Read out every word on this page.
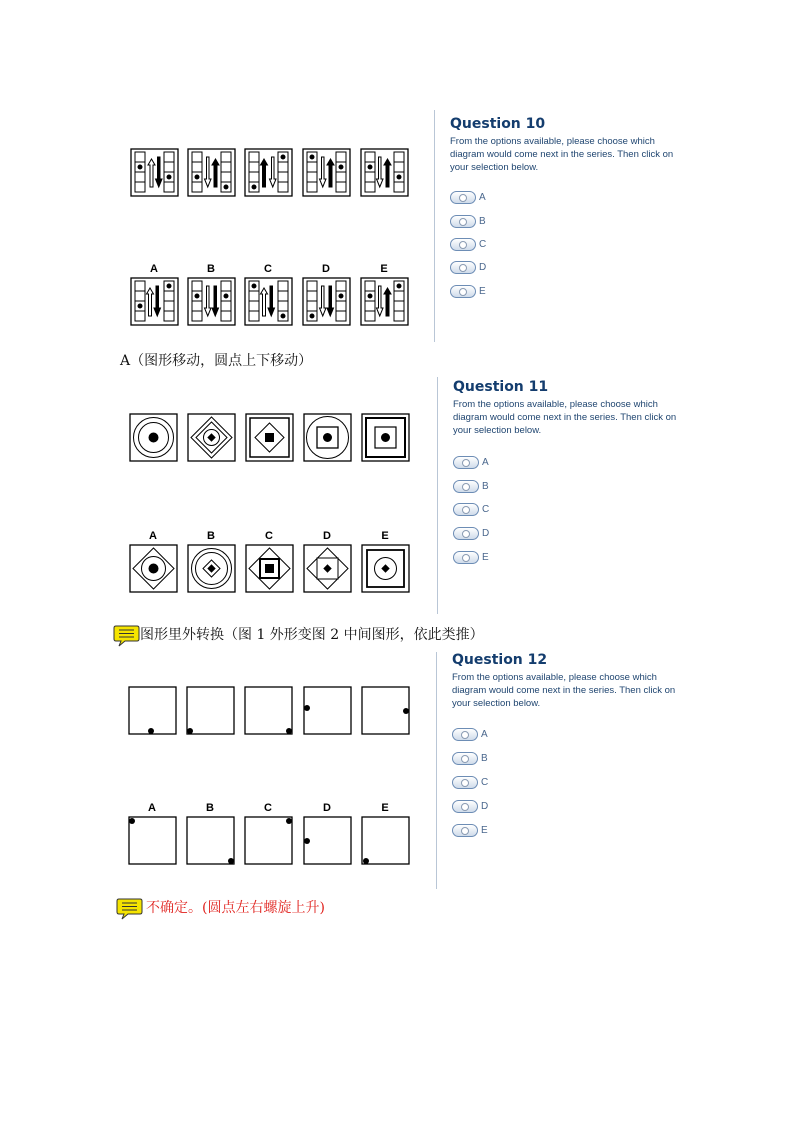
A	B	C	D	E
A	B	C	D	E
A	B	C	D	E
Question 10

From the options available, please choose which diagram would come next in the series. Then click on your selection below.

A
B
C
D
E

A（图形移动，圆点上下移动）

Question 11

From the options available, please choose which diagram would come next in the series. Then click on your selection below.

A
B
C
D
E

图形里外转换（图 1 外形变图 2 中间图形，依此类推）

Question 12

From the options available, please choose which diagram would come next in the series. Then click on your selection below.

A
B
C
D
E

不确定。(圆点左右螺旋上升)
